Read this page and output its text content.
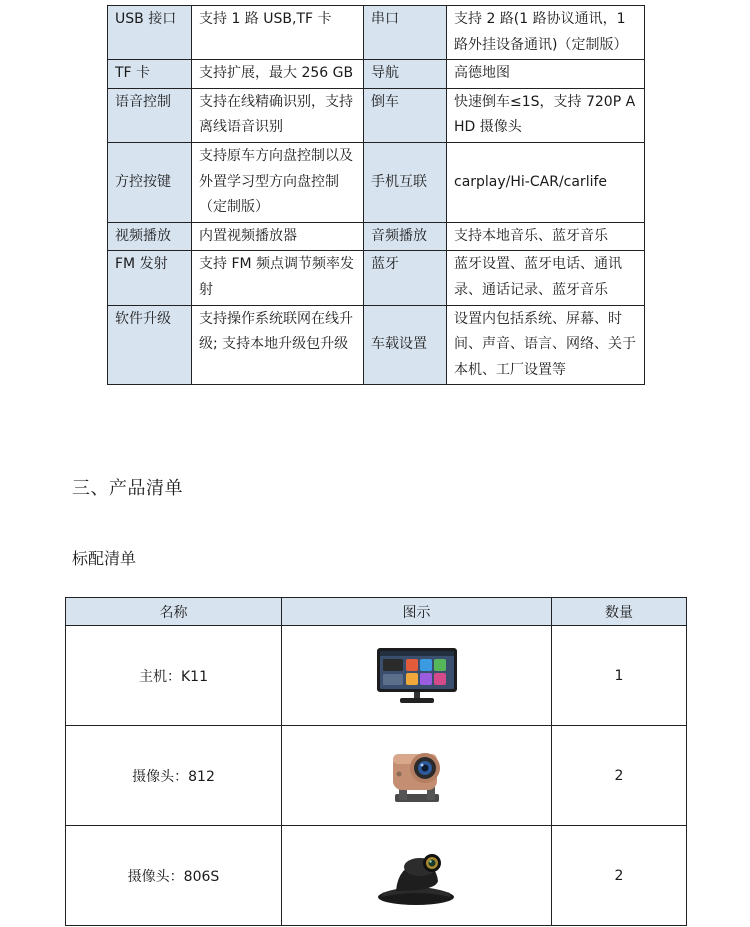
USB 接口	支持 1 路 USB,TF 卡	串口	支持 2 路(1 路协议通讯，1路外挂设备通讯)（定制版）
TF 卡	支持扩展，最大 256 GB	导航	高德地图
语音控制	支持在线精确识别，支持离线语音识别	倒车	快速倒车≤1S，支持 720P AHD 摄像头
方控按键	支持原车方向盘控制以及外置学习型方向盘控制（定制版）	手机互联	carplay/Hi-CAR/carlife
视频播放	内置视频播放器	音频播放	支持本地音乐、蓝牙音乐
FM 发射	支持 FM 频点调节频率发射	蓝牙	蓝牙设置、蓝牙电话、通讯录、通话记录、蓝牙音乐
软件升级	支持操作系统联网在线升级; 支持本地升级包升级	车载设置	设置内包括系统、屏幕、时间、声音、语言、网络、关于本机、工厂设置等
三、产品清单
标配清单
名称	图示	数量
主机：K11		1
摄像头：812		2
摄像头：806S		2
